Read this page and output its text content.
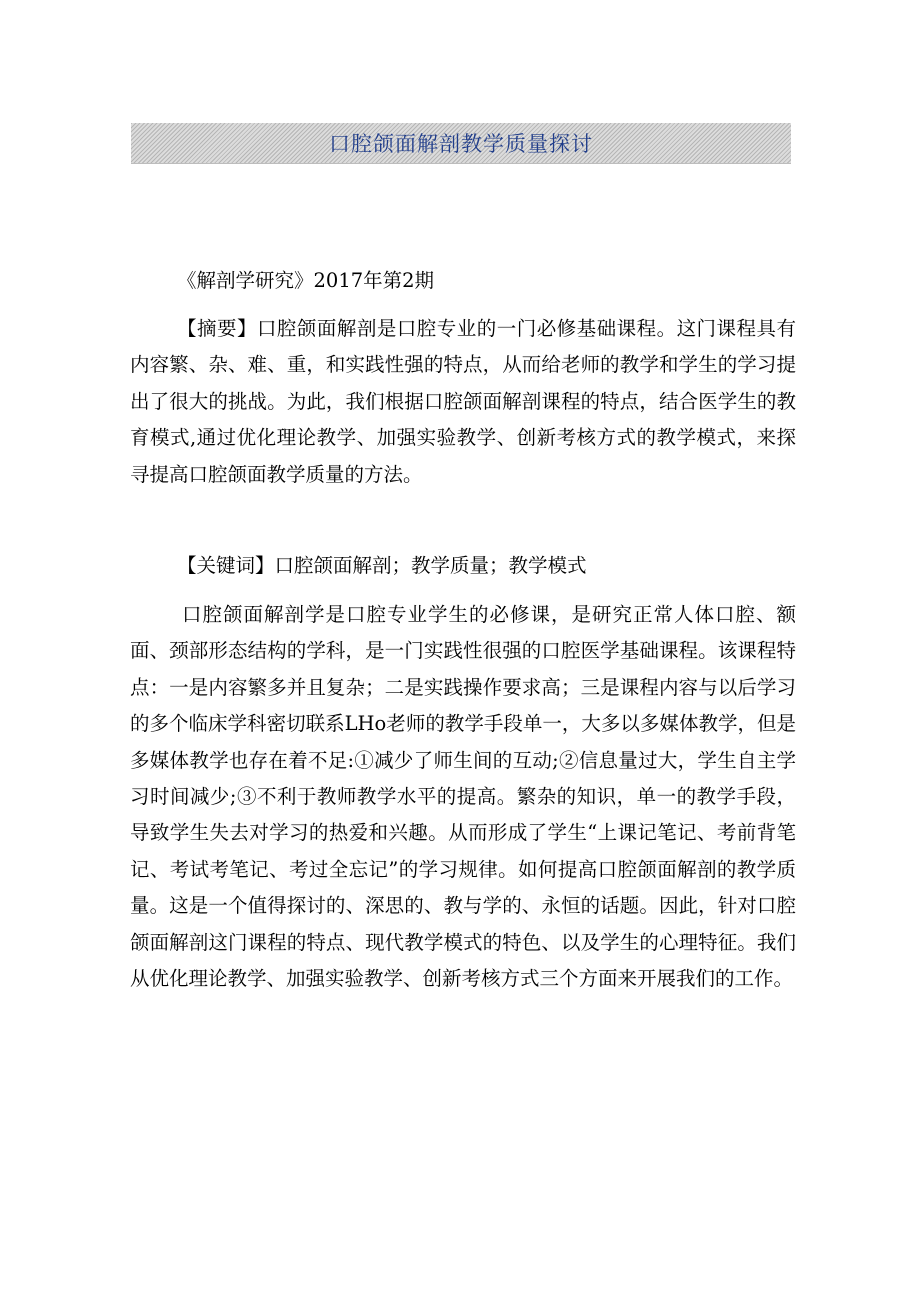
口腔颌面解剖教学质量探讨
《解剖学研究》2017年第2期
【摘要】口腔颌面解剖是口腔专业的一门必修基础课程。这门课程具有内容繁、杂、难、重，和实践性强的特点，从而给老师的教学和学生的学习提出了很大的挑战。为此，我们根据口腔颌面解剖课程的特点，结合医学生的教育模式,通过优化理论教学、加强实验教学、创新考核方式的教学模式，来探寻提高口腔颌面教学质量的方法。
【关键词】口腔颌面解剖；教学质量；教学模式
口腔颌面解剖学是口腔专业学生的必修课，是研究正常人体口腔、额面、颈部形态结构的学科，是一门实践性很强的口腔医学基础课程。该课程特点：一是内容繁多并且复杂；二是实践操作要求高；三是课程内容与以后学习的多个临床学科密切联系LHo老师的教学手段单一，大多以多媒体教学，但是多媒体教学也存在着不足:①减少了师生间的互动;②信息量过大，学生自主学习时间减少;③不利于教师教学水平的提高。繁杂的知识，单一的教学手段，导致学生失去对学习的热爱和兴趣。从而形成了学生“上课记笔记、考前背笔记、考试考笔记、考过全忘记”的学习规律。如何提高口腔颌面解剖的教学质量。这是一个值得探讨的、深思的、教与学的、永恒的话题。因此，针对口腔颌面解剖这门课程的特点、现代教学模式的特色、以及学生的心理特征。我们从优化理论教学、加强实验教学、创新考核方式三个方面来开展我们的工作。
